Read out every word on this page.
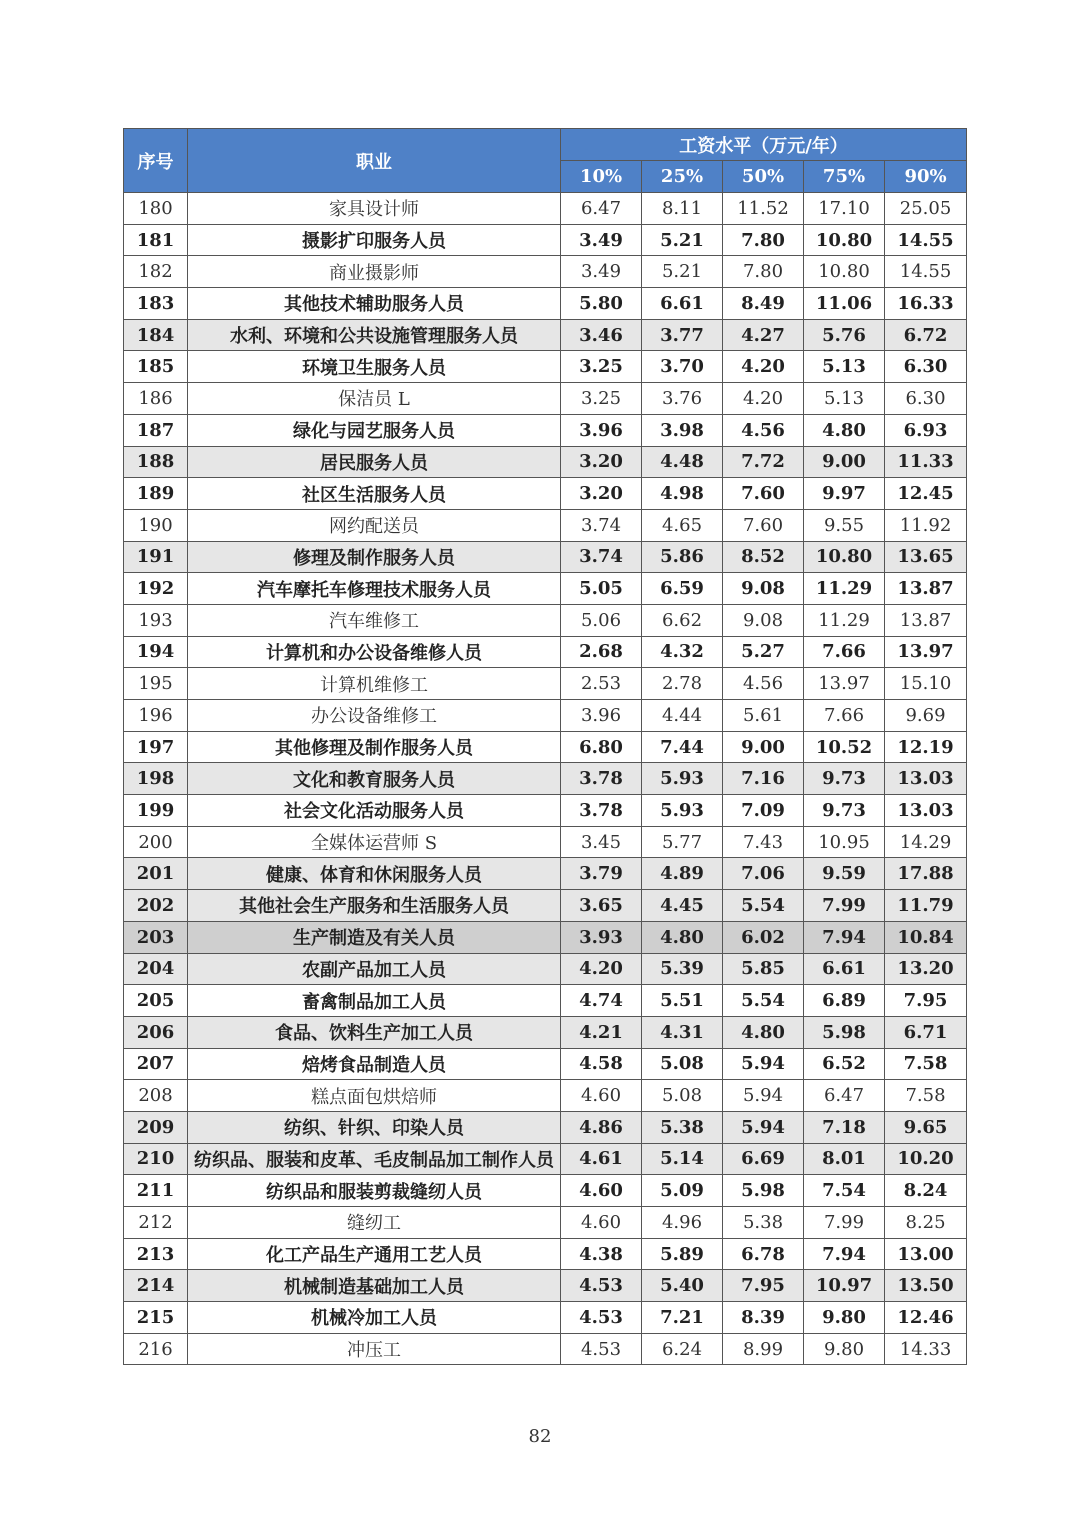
序号	职业	工资水平（万元/年）				
		10%	25%	50%	75%	90%
180	家具设计师	6.47	8.11	11.52	17.10	25.05
181	摄影扩印服务人员	3.49	5.21	7.80	10.80	14.55
182	商业摄影师	3.49	5.21	7.80	10.80	14.55
183	其他技术辅助服务人员	5.80	6.61	8.49	11.06	16.33
184	水利、环境和公共设施管理服务人员	3.46	3.77	4.27	5.76	6.72
185	环境卫生服务人员	3.25	3.70	4.20	5.13	6.30
186	保洁员 L	3.25	3.76	4.20	5.13	6.30
187	绿化与园艺服务人员	3.96	3.98	4.56	4.80	6.93
188	居民服务人员	3.20	4.48	7.72	9.00	11.33
189	社区生活服务人员	3.20	4.98	7.60	9.97	12.45
190	网约配送员	3.74	4.65	7.60	9.55	11.92
191	修理及制作服务人员	3.74	5.86	8.52	10.80	13.65
192	汽车摩托车修理技术服务人员	5.05	6.59	9.08	11.29	13.87
193	汽车维修工	5.06	6.62	9.08	11.29	13.87
194	计算机和办公设备维修人员	2.68	4.32	5.27	7.66	13.97
195	计算机维修工	2.53	2.78	4.56	13.97	15.10
196	办公设备维修工	3.96	4.44	5.61	7.66	9.69
197	其他修理及制作服务人员	6.80	7.44	9.00	10.52	12.19
198	文化和教育服务人员	3.78	5.93	7.16	9.73	13.03
199	社会文化活动服务人员	3.78	5.93	7.09	9.73	13.03
200	全媒体运营师 S	3.45	5.77	7.43	10.95	14.29
201	健康、体育和休闲服务人员	3.79	4.89	7.06	9.59	17.88
202	其他社会生产服务和生活服务人员	3.65	4.45	5.54	7.99	11.79
203	生产制造及有关人员	3.93	4.80	6.02	7.94	10.84
204	农副产品加工人员	4.20	5.39	5.85	6.61	13.20
205	畜禽制品加工人员	4.74	5.51	5.54	6.89	7.95
206	食品、饮料生产加工人员	4.21	4.31	4.80	5.98	6.71
207	焙烤食品制造人员	4.58	5.08	5.94	6.52	7.58
208	糕点面包烘焙师	4.60	5.08	5.94	6.47	7.58
209	纺织、针织、印染人员	4.86	5.38	5.94	7.18	9.65
210	纺织品、服装和皮革、毛皮制品加工制作人员	4.61	5.14	6.69	8.01	10.20
211	纺织品和服装剪裁缝纫人员	4.60	5.09	5.98	7.54	8.24
212	缝纫工	4.60	4.96	5.38	7.99	8.25
213	化工产品生产通用工艺人员	4.38	5.89	6.78	7.94	13.00
214	机械制造基础加工人员	4.53	5.40	7.95	10.97	13.50
215	机械冷加工人员	4.53	7.21	8.39	9.80	12.46
216	冲压工	4.53	6.24	8.99	9.80	14.33
82
